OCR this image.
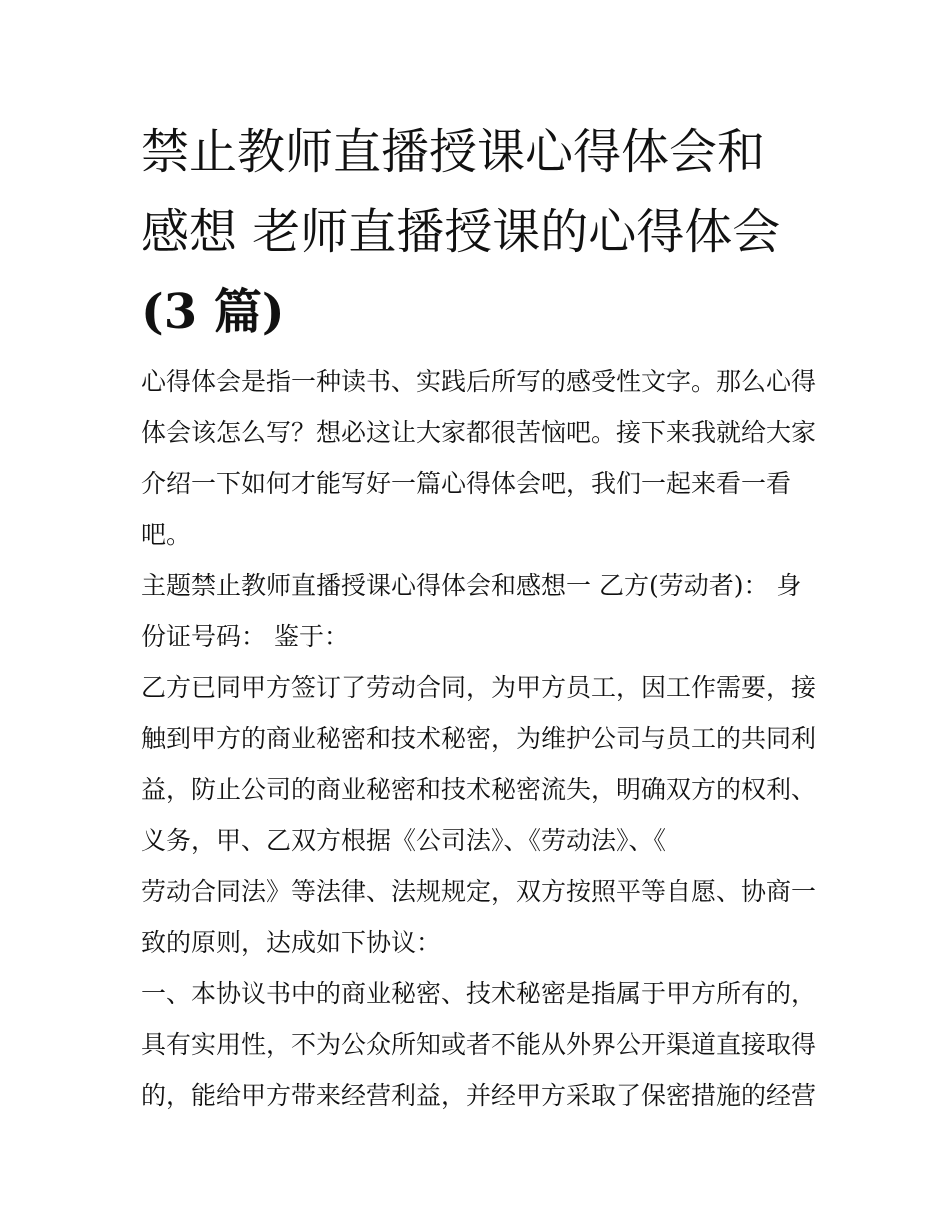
禁止教师直播授课心得体会和
感想 老师直播授课的心得体会
(3 篇)
心得体会是指一种读书、实践后所写的感受性文字。那么心得
体会该怎么写？想必这让大家都很苦恼吧。接下来我就给大家
介绍一下如何才能写好一篇心得体会吧，我们一起来看一看
吧。
主题禁止教师直播授课心得体会和感想一 乙方(劳动者)： 身
份证号码： 鉴于：
乙方已同甲方签订了劳动合同，为甲方员工，因工作需要，接
触到甲方的商业秘密和技术秘密，为维护公司与员工的共同利
益，防止公司的商业秘密和技术秘密流失，明确双方的权利、
义务，甲、乙双方根据《公司法》、《劳动法》、《
劳动合同法》等法律、法规规定，双方按照平等自愿、协商一
致的原则，达成如下协议：
一、本协议书中的商业秘密、技术秘密是指属于甲方所有的，
具有实用性，不为公众所知或者不能从外界公开渠道直接取得
的，能给甲方带来经营利益，并经甲方采取了保密措施的经营
